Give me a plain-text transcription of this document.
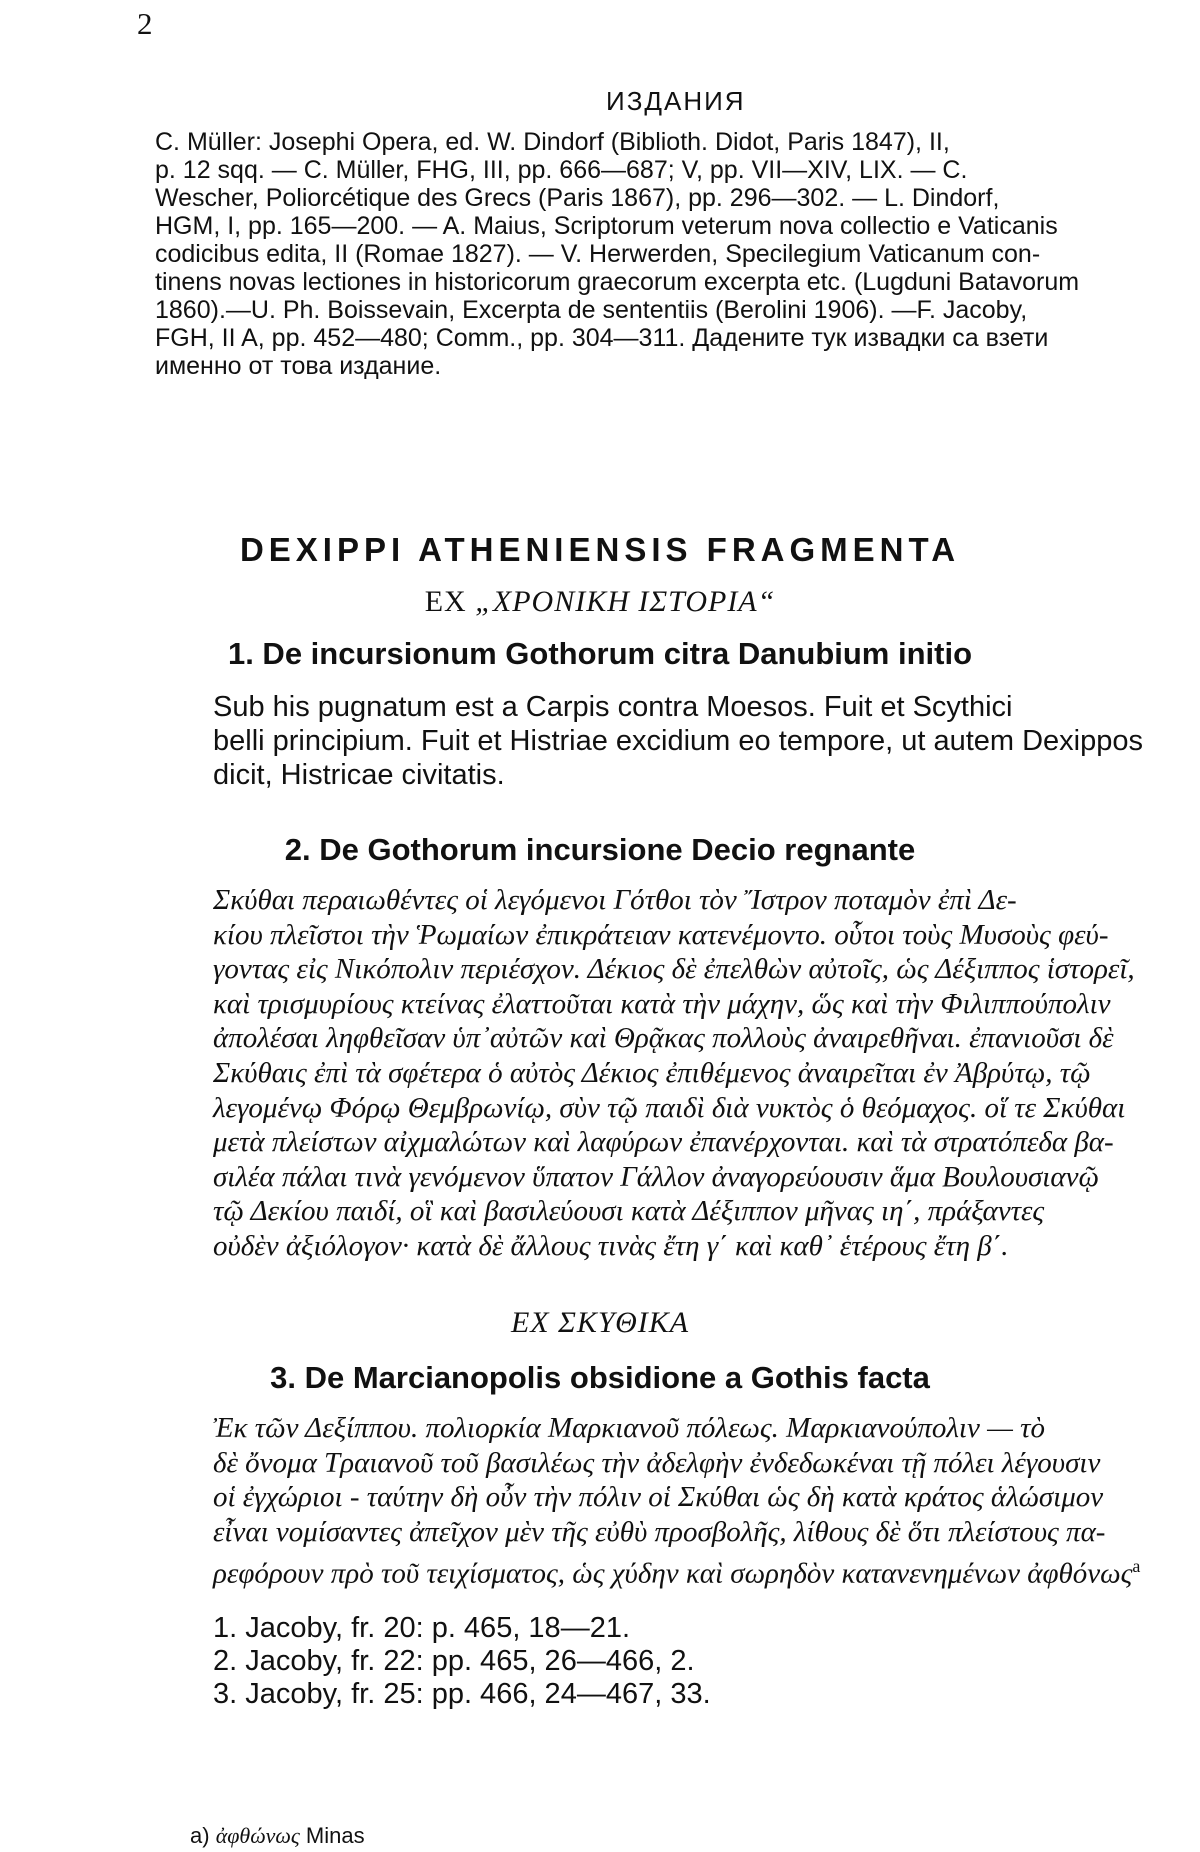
2
ИЗДАНИЯ
C. Müller: Josephi Opera, ed. W. Dindorf (Biblioth. Didot, Paris 1847), II,
p. 12 sqq. — C. Müller, FHG, III, pp. 666—687; V, pp. VII—XIV, LIX. — C.
Wescher, Poliorcétique des Grecs (Paris 1867), pp. 296—302. — L. Dindorf,
HGM, I, pp. 165—200. — A. Maius, Scriptorum veterum nova collectio e Vaticanis
codicibus edita, II (Romae 1827). — V. Herwerden, Specilegium Vaticanum con-
tinens novas lectiones in historicorum graecorum excerpta etc. (Lugduni Batavorum
1860).—U. Ph. Boissevain, Excerpta de sententiis (Berolini 1906). —F. Jacoby,
FGH, II A, pp. 452—480; Comm., pp. 304—311. Дадените тук извадки са взети
именно от това издание.
DEXIPPI ATHENIENSIS FRAGMENTA
EX „ΧΡΟΝΙΚΗ ΙΣΤΟΡΙΑ“
1. De incursionum Gothorum citra Danubium initio
Sub his pugnatum est a Carpis contra Moesos. Fuit et Scythici
belli principium. Fuit et Histriae excidium eo tempore, ut autem Dexippos
dicit, Histricae civitatis.
2. De Gothorum incursione Decio regnante
Σκύθαι περαιωθέντες οἱ λεγόμενοι Γότθοι τὸν Ἴστρον ποταμὸν ἐπὶ Δε-
κίου πλεῖστοι τὴν Ῥωμαίων ἐπικράτειαν κατενέμοντο. οὗτοι τοὺς Μυσοὺς φεύ-
γοντας εἰς Νικόπολιν περιέσχον. Δέκιος δὲ ἐπελθὼν αὐτοῖς, ὡς Δέξιππος ἱστορεῖ,
καὶ τρισμυρίους κτείνας ἐλαττοῦται κατὰ τὴν μάχην, ὥς καὶ τὴν Φιλιππούπολιν
ἀπολέσαι ληφθεῖσαν ὑπ᾽αὐτῶν καὶ Θρᾷκας πολλοὺς ἀναιρεθῆναι. ἐπανιοῦσι δὲ
Σκύθαις ἐπὶ τὰ σφέτερα ὁ αὐτὸς Δέκιος ἐπιθέμενος ἀναιρεῖται ἐν Ἀβρύτῳ, τῷ
λεγομένῳ Φόρῳ Θεμβρωνίῳ, σὺν τῷ παιδὶ διὰ νυκτὸς ὁ θεόμαχος. οἵ τε Σκύθαι
μετὰ πλείστων αἰχμαλώτων καὶ λαφύρων ἐπανέρχονται. καὶ τὰ στρατόπεδα βα-
σιλέα πάλαι τινὰ γενόμενον ὕπατον Γάλλον ἀναγορεύουσιν ἅμα Βουλουσιανῷ
τῷ Δεκίου παιδί, οἳ καὶ βασιλεύουσι κατὰ Δέξιππον μῆνας ιη΄, πράξαντες
οὐδὲν ἀξιόλογον· κατὰ δὲ ἄλλους τινὰς ἔτη γ΄ καὶ καθ᾽ ἑτέρους ἔτη β΄.
ΕΧ ΣΚΥΘΙΚΑ
3. De Marcianopolis obsidione a Gothis facta
Ἐκ τῶν Δεξίππου. πολιορκία Μαρκιανοῦ πόλεως. Μαρκιανούπολιν — τὸ
δὲ ὄνομα Τραιανοῦ τοῦ βασιλέως τὴν ἀδελφὴν ἐνδεδωκέναι τῇ πόλει λέγουσιν
οἱ ἐγχώριοι - ταύτην δὴ οὖν τὴν πόλιν οἱ Σκύθαι ὡς δὴ κατὰ κράτος ἁλώσιμον
εἶναι νομίσαντες ἀπεῖχον μὲν τῆς εὐθὺ προσβολῆς, λίθους δὲ ὅτι πλείστους πα-
ρεφόρουν πρὸ τοῦ τειχίσματος, ὡς χύδην καὶ σωρηδὸν κατανενημένων ἀφθόνως$^a$
1. Jacoby, fr. 20: p. 465, 18—21.
2. Jacoby, fr. 22: pp. 465, 26—466, 2.
3. Jacoby, fr. 25: pp. 466, 24—467, 33.
а) ἀφθώνως Minas
